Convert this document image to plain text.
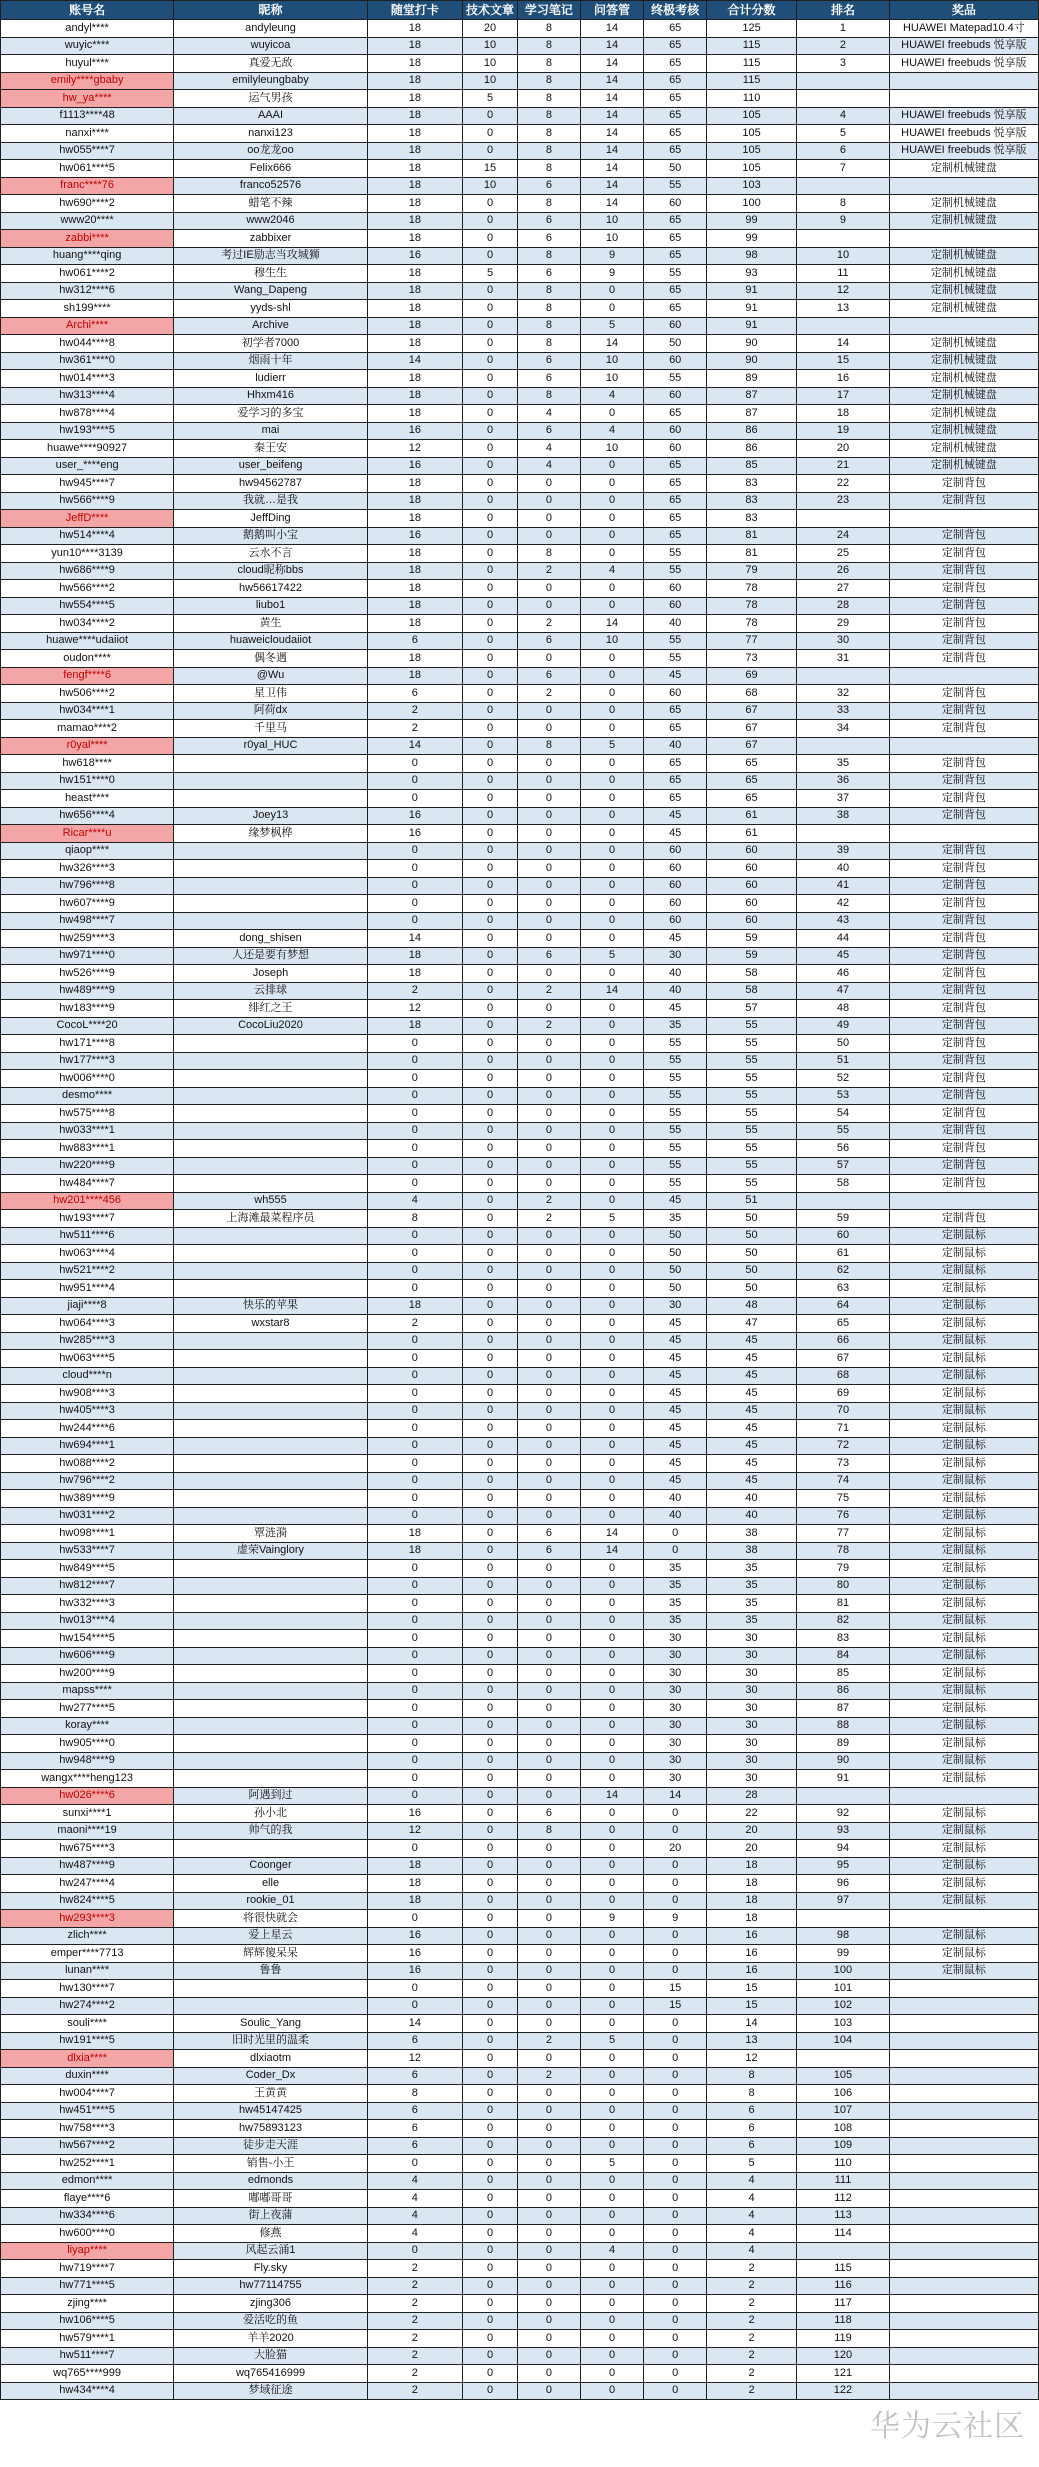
账号名	昵称	随堂打卡	技术文章	学习笔记	问答管	终极考核	合计分数	排名	奖品
andyl****	andyleung	18	20	8	14	65	125	1	HUAWEI Matepad10.4寸
wuyic****	wuyicoa	18	10	8	14	65	115	2	HUAWEI freebuds 悦享版
huyul****	真爱无敌	18	10	8	14	65	115	3	HUAWEI freebuds 悦享版
emily****gbaby	emilyleungbaby	18	10	8	14	65	115		
hw_ya****	运气男孩	18	5	8	14	65	110		
f1113****48	AAAI	18	0	8	14	65	105	4	HUAWEI freebuds 悦享版
nanxi****	nanxi123	18	0	8	14	65	105	5	HUAWEI freebuds 悦享版
hw055****7	oo龙龙oo	18	0	8	14	65	105	6	HUAWEI freebuds 悦享版
hw061****5	Felix666	18	15	8	14	50	105	7	定制机械键盘
franc****76	franco52576	18	10	6	14	55	103		
hw690****2	蜡笔不辣	18	0	8	14	60	100	8	定制机械键盘
www20****	www2046	18	0	6	10	65	99	9	定制机械键盘
zabbi****	zabbixer	18	0	6	10	65	99		
huang****qing	考过IE励志当攻城狮	16	0	8	9	65	98	10	定制机械键盘
hw061****2	穆生生	18	5	6	9	55	93	11	定制机械键盘
hw312****6	Wang_Dapeng	18	0	8	0	65	91	12	定制机械键盘
sh199****	yyds-shl	18	0	8	0	65	91	13	定制机械键盘
Archi****	Archive	18	0	8	5	60	91		
hw044****8	初学者7000	18	0	8	14	50	90	14	定制机械键盘
hw361****0	烟雨十年	14	0	6	10	60	90	15	定制机械键盘
hw014****3	ludierr	18	0	6	10	55	89	16	定制机械键盘
hw313****4	Hhxm416	18	0	8	4	60	87	17	定制机械键盘
hw878****4	爱学习的多宝	18	0	4	0	65	87	18	定制机械键盘
hw193****5	mai	16	0	6	4	60	86	19	定制机械键盘
huawe****90927	秦王安	12	0	4	10	60	86	20	定制机械键盘
user_****eng	user_beifeng	16	0	4	0	65	85	21	定制机械键盘
hw945****7	hw94562787	18	0	0	0	65	83	22	定制背包
hw566****9	我就…是我	18	0	0	0	65	83	23	定制背包
JeffD****	JeffDing	18	0	0	0	65	83		
hw514****4	鹅鹅叫小宝	16	0	0	0	65	81	24	定制背包
yun10****3139	云水不言	18	0	8	0	55	81	25	定制背包
hw686****9	cloud昵称bbs	18	0	2	4	55	79	26	定制背包
hw566****2	hw56617422	18	0	0	0	60	78	27	定制背包
hw554****5	liubo1	18	0	0	0	60	78	28	定制背包
hw034****2	黄生	18	0	2	14	40	78	29	定制背包
huawe****udaiiot	huaweicloudaiiot	6	0	6	10	55	77	30	定制背包
oudon****	偶冬遇	18	0	0	0	55	73	31	定制背包
fengf****6	@Wu	18	0	6	0	45	69		
hw506****2	星卫伟	6	0	2	0	60	68	32	定制背包
hw034****1	阿荷dx	2	0	0	0	65	67	33	定制背包
mamao****2	千里马	2	0	0	0	65	67	34	定制背包
r0yal****	r0yal_HUC	14	0	8	5	40	67		
hw618****		0	0	0	0	65	65	35	定制背包
hw151****0		0	0	0	0	65	65	36	定制背包
heast****		0	0	0	0	65	65	37	定制背包
hw656****4	Joey13	16	0	0	0	45	61	38	定制背包
Ricar****u	缘梦枫桦	16	0	0	0	45	61		
qiaop****		0	0	0	0	60	60	39	定制背包
hw326****3		0	0	0	0	60	60	40	定制背包
hw796****8		0	0	0	0	60	60	41	定制背包
hw607****9		0	0	0	0	60	60	42	定制背包
hw498****7		0	0	0	0	60	60	43	定制背包
hw259****3	dong_shisen	14	0	0	0	45	59	44	定制背包
hw971****0	人还是要有梦想	18	0	6	5	30	59	45	定制背包
hw526****9	Joseph	18	0	0	0	40	58	46	定制背包
hw489****9	云排球	2	0	2	14	40	58	47	定制背包
hw183****9	绯红之王	12	0	0	0	45	57	48	定制背包
CocoL****20	CocoLiu2020	18	0	2	0	35	55	49	定制背包
hw171****8		0	0	0	0	55	55	50	定制背包
hw177****3		0	0	0	0	55	55	51	定制背包
hw006****0		0	0	0	0	55	55	52	定制背包
desmo****		0	0	0	0	55	55	53	定制背包
hw575****8		0	0	0	0	55	55	54	定制背包
hw033****1		0	0	0	0	55	55	55	定制背包
hw883****1		0	0	0	0	55	55	56	定制背包
hw220****9		0	0	0	0	55	55	57	定制背包
hw484****7		0	0	0	0	55	55	58	定制背包
hw201****456	wh555	4	0	2	0	45	51		
hw193****7	上海滩最菜程序员	8	0	2	5	35	50	59	定制背包
hw511****6		0	0	0	0	50	50	60	定制鼠标
hw063****4		0	0	0	0	50	50	61	定制鼠标
hw521****2		0	0	0	0	50	50	62	定制鼠标
hw951****4		0	0	0	0	50	50	63	定制鼠标
jiaji****8	快乐的苹果	18	0	0	0	30	48	64	定制鼠标
hw064****3	wxstar8	2	0	0	0	45	47	65	定制鼠标
hw285****3		0	0	0	0	45	45	66	定制鼠标
hw063****5		0	0	0	0	45	45	67	定制鼠标
cloud****n		0	0	0	0	45	45	68	定制鼠标
hw908****3		0	0	0	0	45	45	69	定制鼠标
hw405****3		0	0	0	0	45	45	70	定制鼠标
hw244****6		0	0	0	0	45	45	71	定制鼠标
hw694****1		0	0	0	0	45	45	72	定制鼠标
hw088****2		0	0	0	0	45	45	73	定制鼠标
hw796****2		0	0	0	0	45	45	74	定制鼠标
hw389****9		0	0	0	0	40	40	75	定制鼠标
hw031****2		0	0	0	0	40	40	76	定制鼠标
hw098****1	覃涟漪	18	0	6	14	0	38	77	定制鼠标
hw533****7	虚荣Vainglory	18	0	6	14	0	38	78	定制鼠标
hw849****5		0	0	0	0	35	35	79	定制鼠标
hw812****7		0	0	0	0	35	35	80	定制鼠标
hw332****3		0	0	0	0	35	35	81	定制鼠标
hw013****4		0	0	0	0	35	35	82	定制鼠标
hw154****5		0	0	0	0	30	30	83	定制鼠标
hw606****9		0	0	0	0	30	30	84	定制鼠标
hw200****9		0	0	0	0	30	30	85	定制鼠标
mapss****		0	0	0	0	30	30	86	定制鼠标
hw277****5		0	0	0	0	30	30	87	定制鼠标
koray****		0	0	0	0	30	30	88	定制鼠标
hw905****0		0	0	0	0	30	30	89	定制鼠标
hw948****9		0	0	0	0	30	30	90	定制鼠标
wangx****heng123		0	0	0	0	30	30	91	定制鼠标
hw026****6	阿遇到过	0	0	0	14	14	28		
sunxi****1	孙小北	16	0	6	0	0	22	92	定制鼠标
maoni****19	帅气的我	12	0	8	0	0	20	93	定制鼠标
hw675****3		0	0	0	0	20	20	94	定制鼠标
hw487****9	Coonger	18	0	0	0	0	18	95	定制鼠标
hw247****4	elle	18	0	0	0	0	18	96	定制鼠标
hw824****5	rookie_01	18	0	0	0	0	18	97	定制鼠标
hw293****3	将很快就会	0	0	0	9	9	18		
zlich****	爱上星云	16	0	0	0	0	16	98	定制鼠标
emper****7713	辉辉傻呆呆	16	0	0	0	0	16	99	定制鼠标
lunan****	鲁鲁	16	0	0	0	0	16	100	定制鼠标
hw130****7		0	0	0	0	15	15	101	
hw274****2		0	0	0	0	15	15	102	
souli****	Soulic_Yang	14	0	0	0	0	14	103	
hw191****5	旧时光里的温柔	6	0	2	5	0	13	104	
dlxia****	dlxiaotm	12	0	0	0	0	12		
duxin****	Coder_Dx	6	0	2	0	0	8	105	
hw004****7	王黄黄	8	0	0	0	0	8	106	
hw451****5	hw45147425	6	0	0	0	0	6	107	
hw758****3	hw75893123	6	0	0	0	0	6	108	
hw567****2	徒步走天涯	6	0	0	0	0	6	109	
hw252****1	销售-小王	0	0	0	5	0	5	110	
edmon****	edmonds	4	0	0	0	0	4	111	
flaye****6	嘟嘟哥哥	4	0	0	0	0	4	112	
hw334****6	街上夜蒲	4	0	0	0	0	4	113	
hw600****0	修燕	4	0	0	0	0	4	114	
liyap****	风起云涌1	0	0	0	4	0	4		
hw719****7	Fly.sky	2	0	0	0	0	2	115	
hw771****5	hw77114755	2	0	0	0	0	2	116	
zjing****	zjing306	2	0	0	0	0	2	117	
hw106****5	爱活吃的鱼	2	0	0	0	0	2	118	
hw579****1	羊羊2020	2	0	0	0	0	2	119	
hw511****7	大脸猫	2	0	0	0	0	2	120	
wq765****999	wq765416999	2	0	0	0	0	2	121	
hw434****4	梦域征途	2	0	0	0	0	2	122	
华为云社区
